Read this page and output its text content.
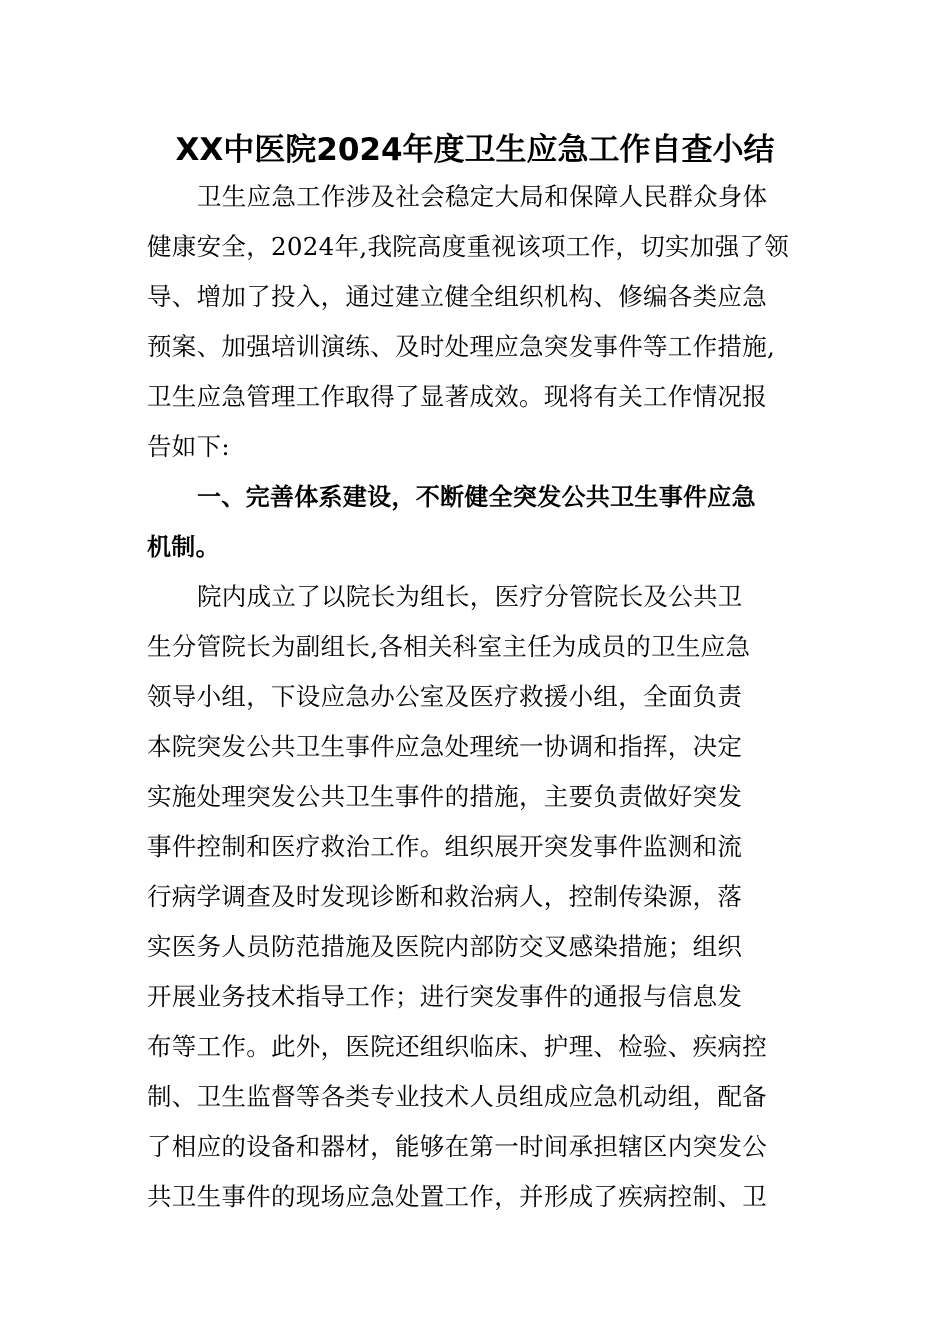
XX中医院2024年度卫生应急工作自查小结
卫生应急工作涉及社会稳定大局和保障人民群众身体
健康安全，2024年,我院高度重视该项工作，切实加强了领
导、增加了投入，通过建立健全组织机构、修编各类应急
预案、加强培训演练、及时处理应急突发事件等工作措施,
卫生应急管理工作取得了显著成效。现将有关工作情况报
告如下:
一、完善体系建设，不断健全突发公共卫生事件应急
机制。
院内成立了以院长为组长，医疗分管院长及公共卫
生分管院长为副组长,各相关科室主任为成员的卫生应急
领导小组，下设应急办公室及医疗救援小组，全面负责
本院突发公共卫生事件应急处理统一协调和指挥，决定
实施处理突发公共卫生事件的措施，主要负责做好突发
事件控制和医疗救治工作。组织展开突发事件监测和流
行病学调查及时发现诊断和救治病人，控制传染源，落
实医务人员防范措施及医院内部防交叉感染措施；组织
开展业务技术指导工作；进行突发事件的通报与信息发
布等工作。此外，医院还组织临床、护理、检验、疾病控
制、卫生监督等各类专业技术人员组成应急机动组，配备
了相应的设备和器材，能够在第一时间承担辖区内突发公
共卫生事件的现场应急处置工作，并形成了疾病控制、卫
